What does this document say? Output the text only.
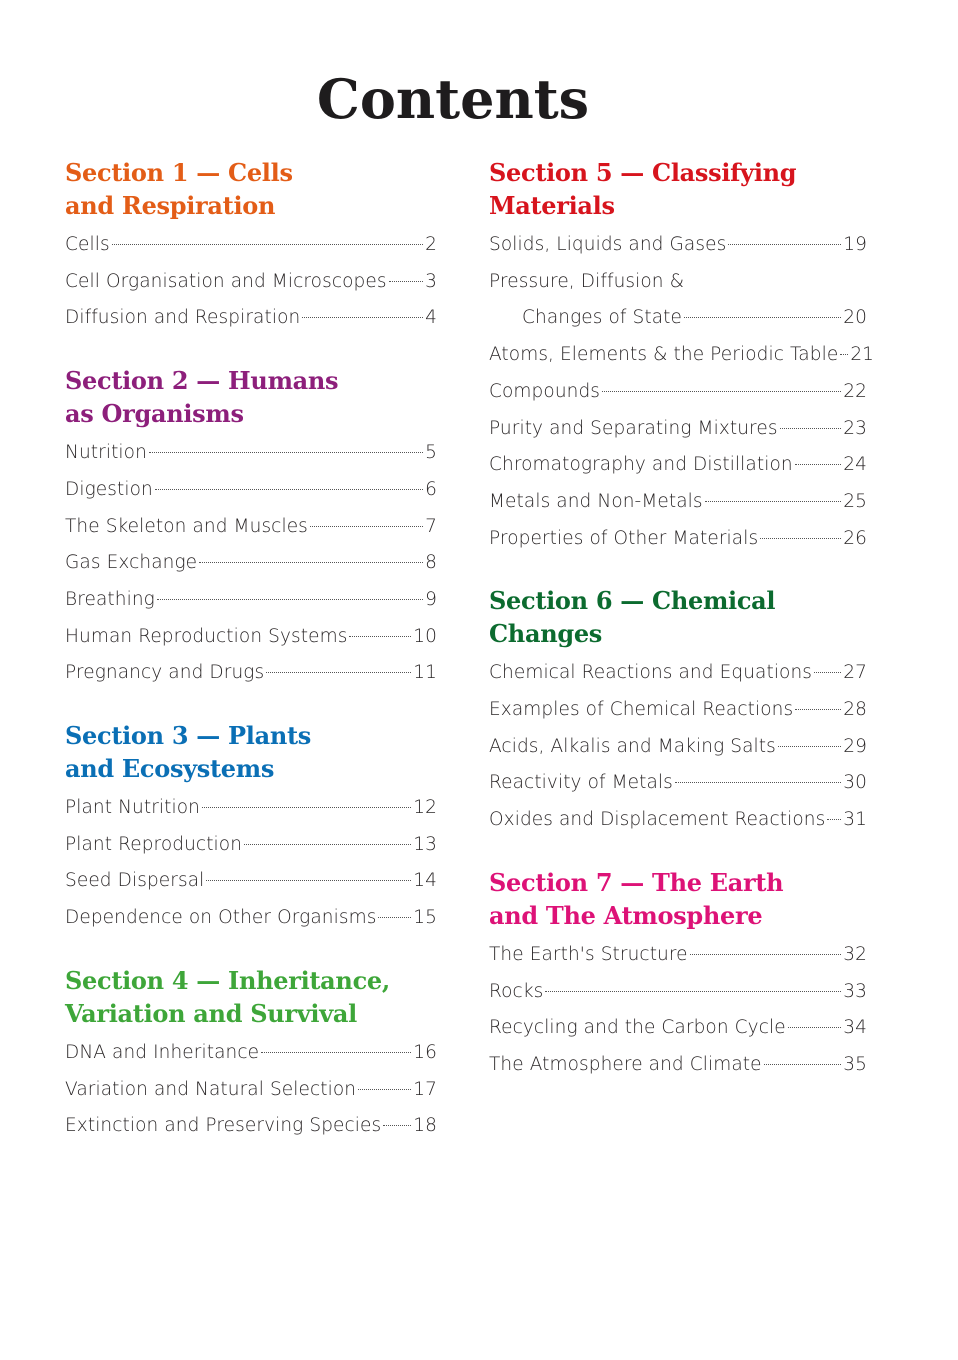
Contents
Section 1 — Cells
and Respiration
Cells	2
Cell Organisation and Microscopes 3
Diffusion and Respiration	4
Section 2 — Humans
as Organisms
Nutrition	5
Digestion	6
The Skeleton and Muscles	7
Gas Exchange	8
Breathing	9
Human Reproduction Systems	10
Pregnancy and Drugs	11
Section 3 — Plants
and Ecosystems
Plant Nutrition	12
Plant Reproduction	13
Seed Dispersal	14
Dependence on Other Organisms 15
Section 4 — Inheritance,
Variation and Survival
DNA and Inheritance	16
Variation and Natural Selection	17
Extinction and Preserving Species 18
Section 5 — Classifying
Materials
Solids, Liquids and Gases	19
Pressure, Diffusion &
Changes of State	20
Atoms, Elements & the Periodic Table 21
Compounds	22
Purity and Separating Mixtures	23
Chromatography and Distillation	24
Metals and Non-Metals	25
Properties of Other Materials	26
Section 6 — Chemical
Changes
Chemical Reactions and Equations 27
Examples of Chemical Reactions	28
Acids, Alkalis and Making Salts	29
Reactivity of Metals	30
Oxides and Displacement Reactions 31
Section 7 — The Earth
and The Atmosphere
The Earth's Structure	32
Rocks	33
Recycling and the Carbon Cycle	34
The Atmosphere and Climate	35
